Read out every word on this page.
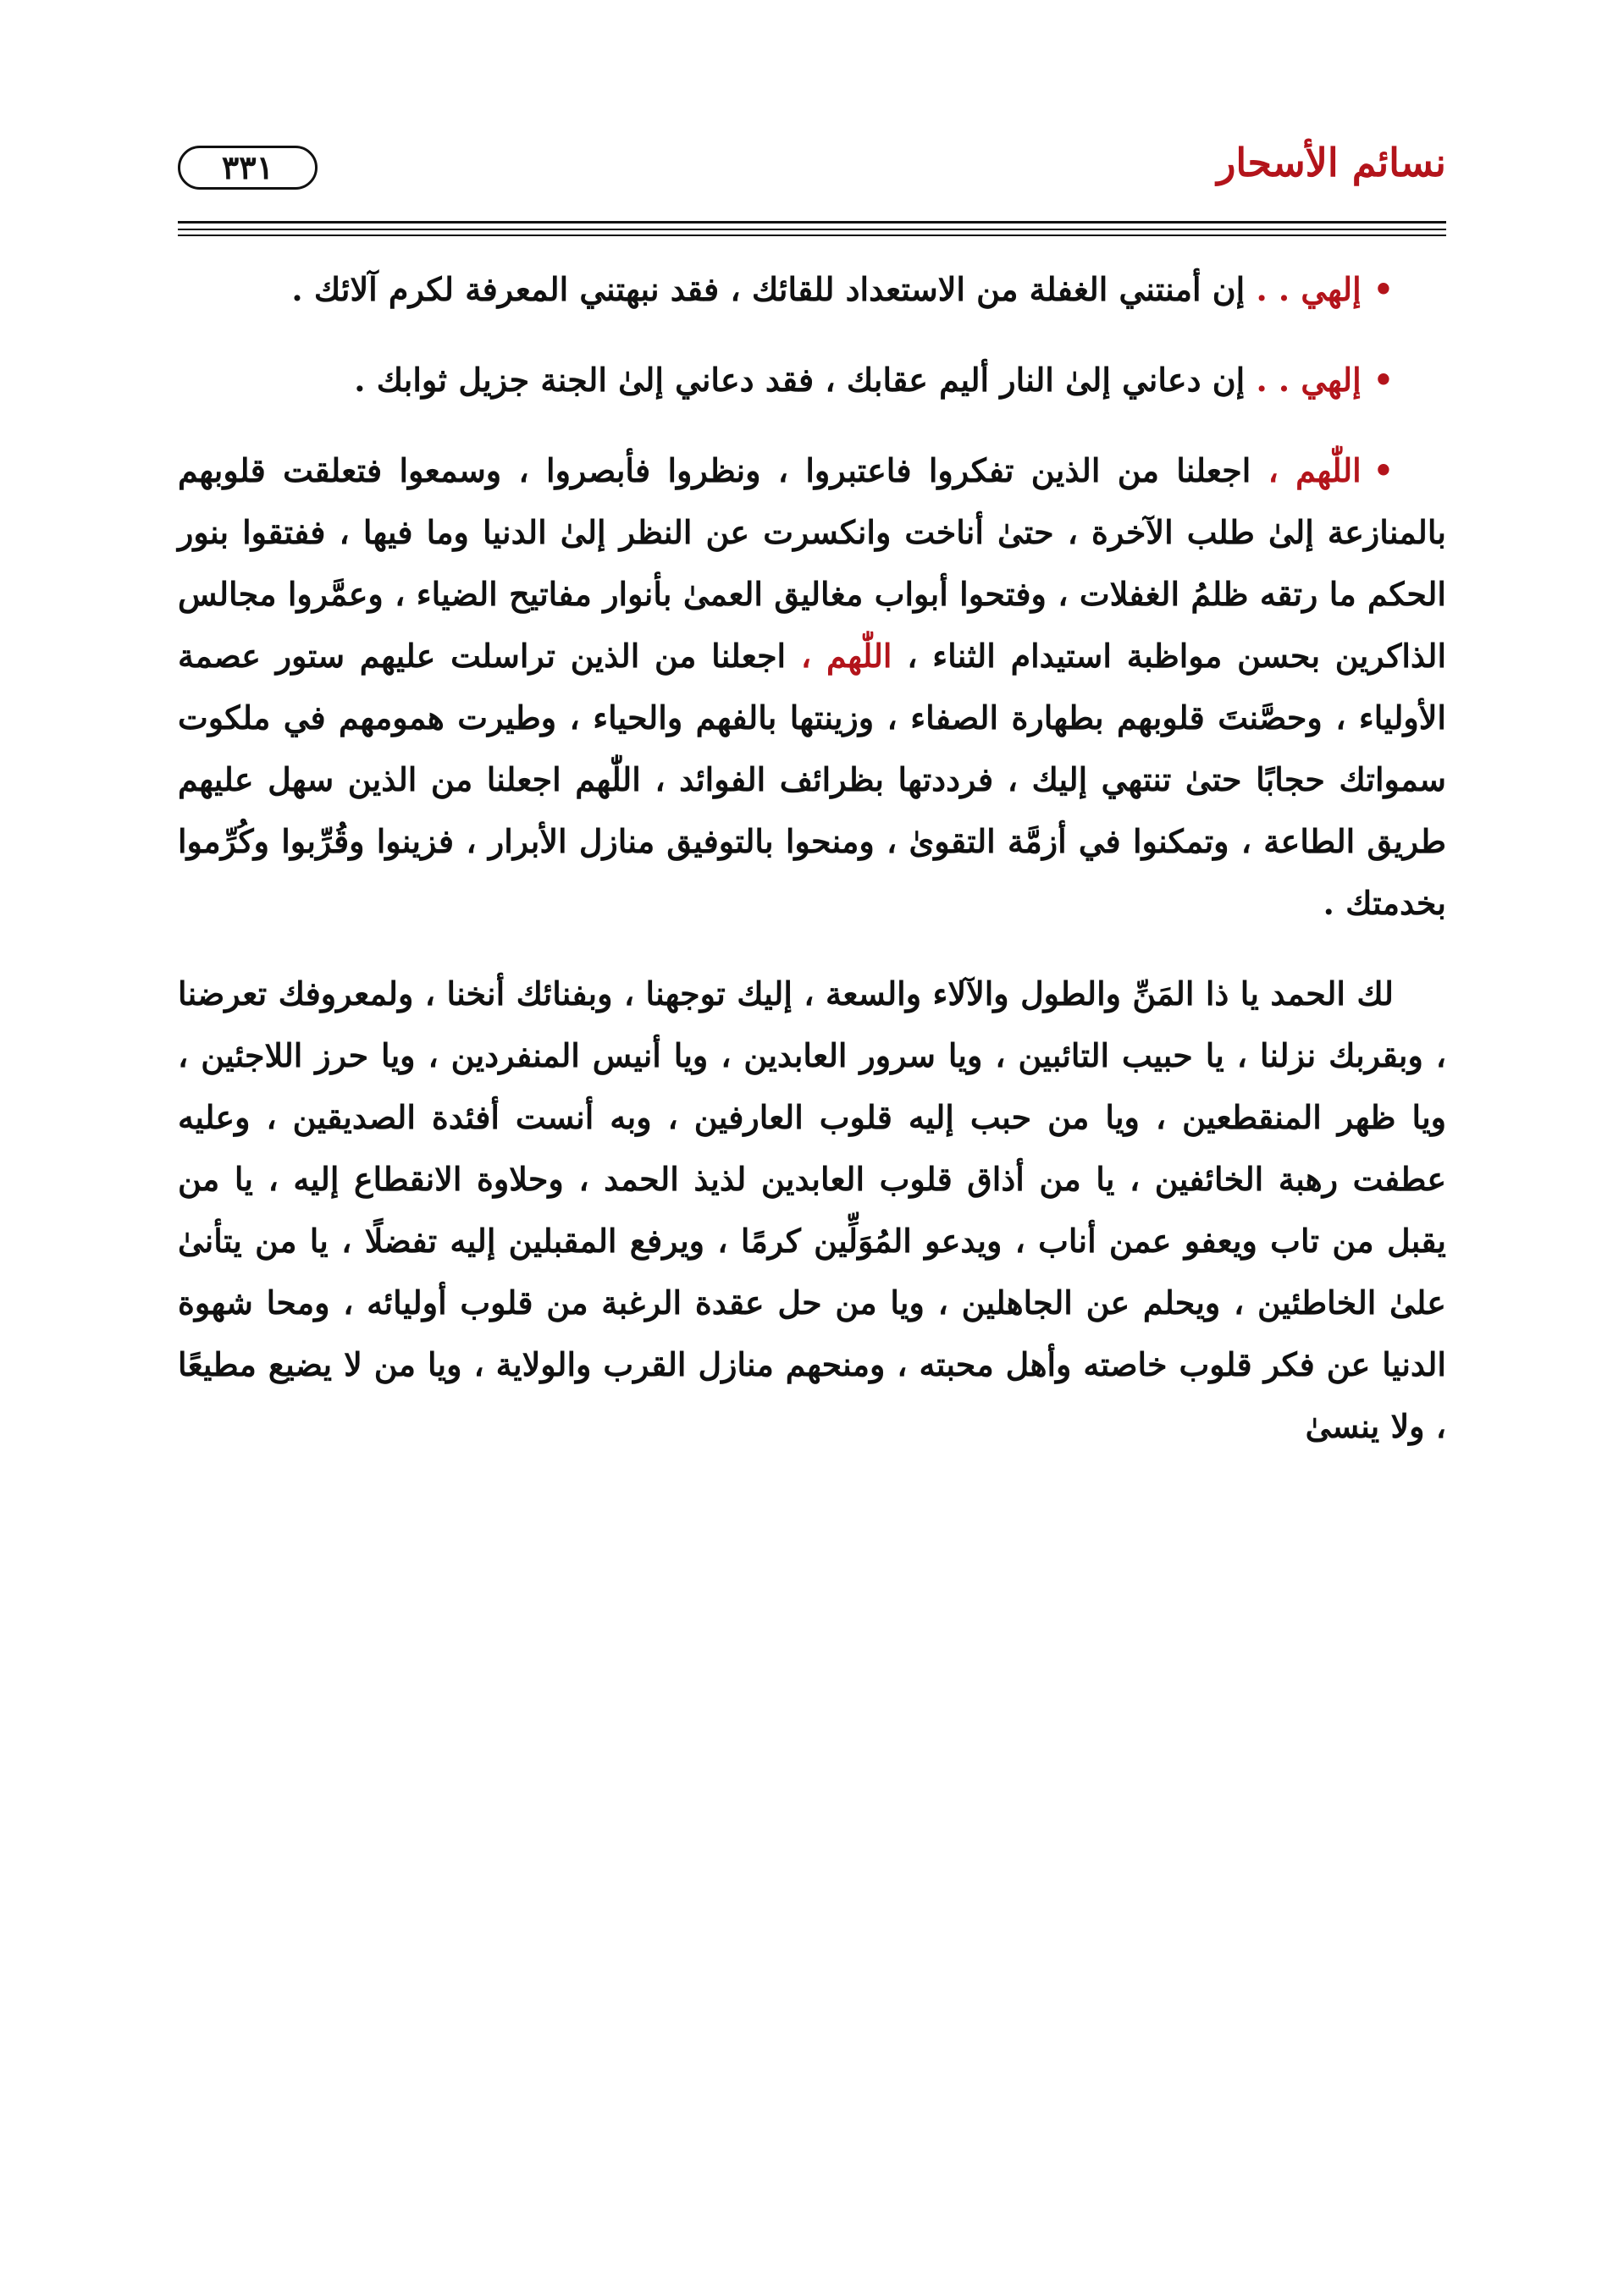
نسائم الأسحار
٣٣١

•إلهي . . إن أمنتني الغفلة من الاستعداد للقائك ، فقد نبهتني المعرفة لكرم آلائك .

•إلهي . . إن دعاني إلىٰ النار أليم عقابك ، فقد دعاني إلىٰ الجنة جزيل ثوابك .

•اللّٰهم ، اجعلنا من الذين تفكروا فاعتبروا ، ونظروا فأبصروا ، وسمعوا فتعلقت قلوبهم بالمنازعة إلىٰ طلب الآخرة ، حتىٰ أناخت وانكسرت عن النظر إلىٰ الدنيا وما فيها ، ففتقوا بنور الحكم ما رتقه ظلمُ الغفلات ، وفتحوا أبواب مغاليق العمىٰ بأنوار مفاتيح الضياء ، وعمَّروا مجالس الذاكرين بحسن مواظبة استيدام الثناء ، اللّٰهم ، اجعلنا من الذين تراسلت عليهم ستور عصمة الأولياء ، وحصَّنتَ قلوبهم بطهارة الصفاء ، وزينتها بالفهم والحياء ، وطيرت همومهم في ملكوت سمواتك حجابًا حتىٰ تنتهي إليك ، فرددتها بظرائف الفوائد ، اللّٰهم اجعلنا من الذين سهل عليهم طريق الطاعة ، وتمكنوا في أزمَّة التقوىٰ ، ومنحوا بالتوفيق منازل الأبرار ، فزينوا وقُرِّبوا وكُرِّموا بخدمتك .

لك الحمد يا ذا المَنِّ والطول والآلاء والسعة ، إليك توجهنا ، وبفنائك أنخنا ، ولمعروفك تعرضنا ، وبقربك نزلنا ، يا حبيب التائبين ، ويا سرور العابدين ، ويا أنيس المنفردين ، ويا حرز اللاجئين ، ويا ظهر المنقطعين ، ويا من حبب إليه قلوب العارفين ، وبه أنست أفئدة الصديقين ، وعليه عطفت رهبة الخائفين ، يا من أذاق قلوب العابدين لذيذ الحمد ، وحلاوة الانقطاع إليه ، يا من يقبل من تاب ويعفو عمن أناب ، ويدعو المُوَلِّين كرمًا ، ويرفع المقبلين إليه تفضلًا ، يا من يتأنىٰ علىٰ الخاطئين ، ويحلم عن الجاهلين ، ويا من حل عقدة الرغبة من قلوب أوليائه ، ومحا شهوة الدنيا عن فكر قلوب خاصته وأهل محبته ، ومنحهم منازل القرب والولاية ، ويا من لا يضيع مطيعًا ، ولا ينسىٰ
